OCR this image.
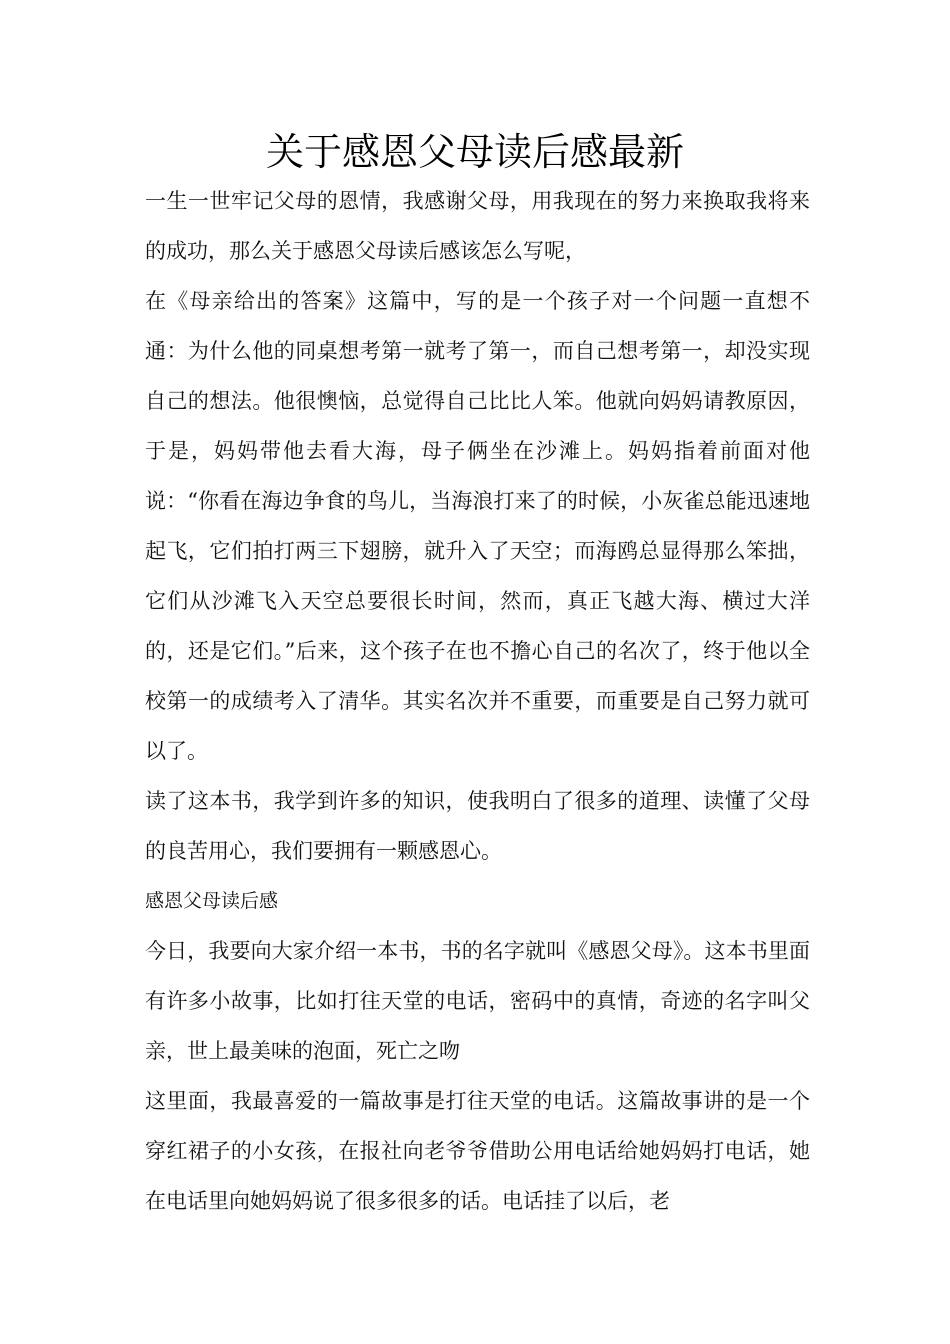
关于感恩父母读后感最新

一生一世牢记父母的恩情，我感谢父母，用我现在的努力来换取我将来的成功，那么关于感恩父母读后感该怎么写呢，

在《母亲给出的答案》这篇中，写的是一个孩子对一个问题一直想不通：为什么他的同桌想考第一就考了第一，而自己想考第一，却没实现自己的想法。他很懊恼，总觉得自己比比人笨。他就向妈妈请教原因，于是，妈妈带他去看大海，母子俩坐在沙滩上。妈妈指着前面对他说：“你看在海边争食的鸟儿，当海浪打来了的时候，小灰雀总能迅速地起飞，它们拍打两三下翅膀，就升入了天空；而海鸥总显得那么笨拙，它们从沙滩飞入天空总要很长时间，然而，真正飞越大海、横过大洋的，还是它们。”后来，这个孩子在也不擔心自己的名次了，终于他以全校第一的成绩考入了清华。其实名次并不重要，而重要是自己努力就可以了。

读了这本书，我学到许多的知识，使我明白了很多的道理、读懂了父母的良苦用心，我们要拥有一颗感恩心。

感恩父母读后感

今日，我要向大家介绍一本书，书的名字就叫《感恩父母》。这本书里面有许多小故事，比如打往天堂的电话，密码中的真情，奇迹的名字叫父亲，世上最美味的泡面，死亡之吻

这里面，我最喜爱的一篇故事是打往天堂的电话。这篇故事讲的是一个穿红裙子的小女孩，在报社向老爷爷借助公用电话给她妈妈打电话，她在电话里向她妈妈说了很多很多的话。电话挂了以后，老
